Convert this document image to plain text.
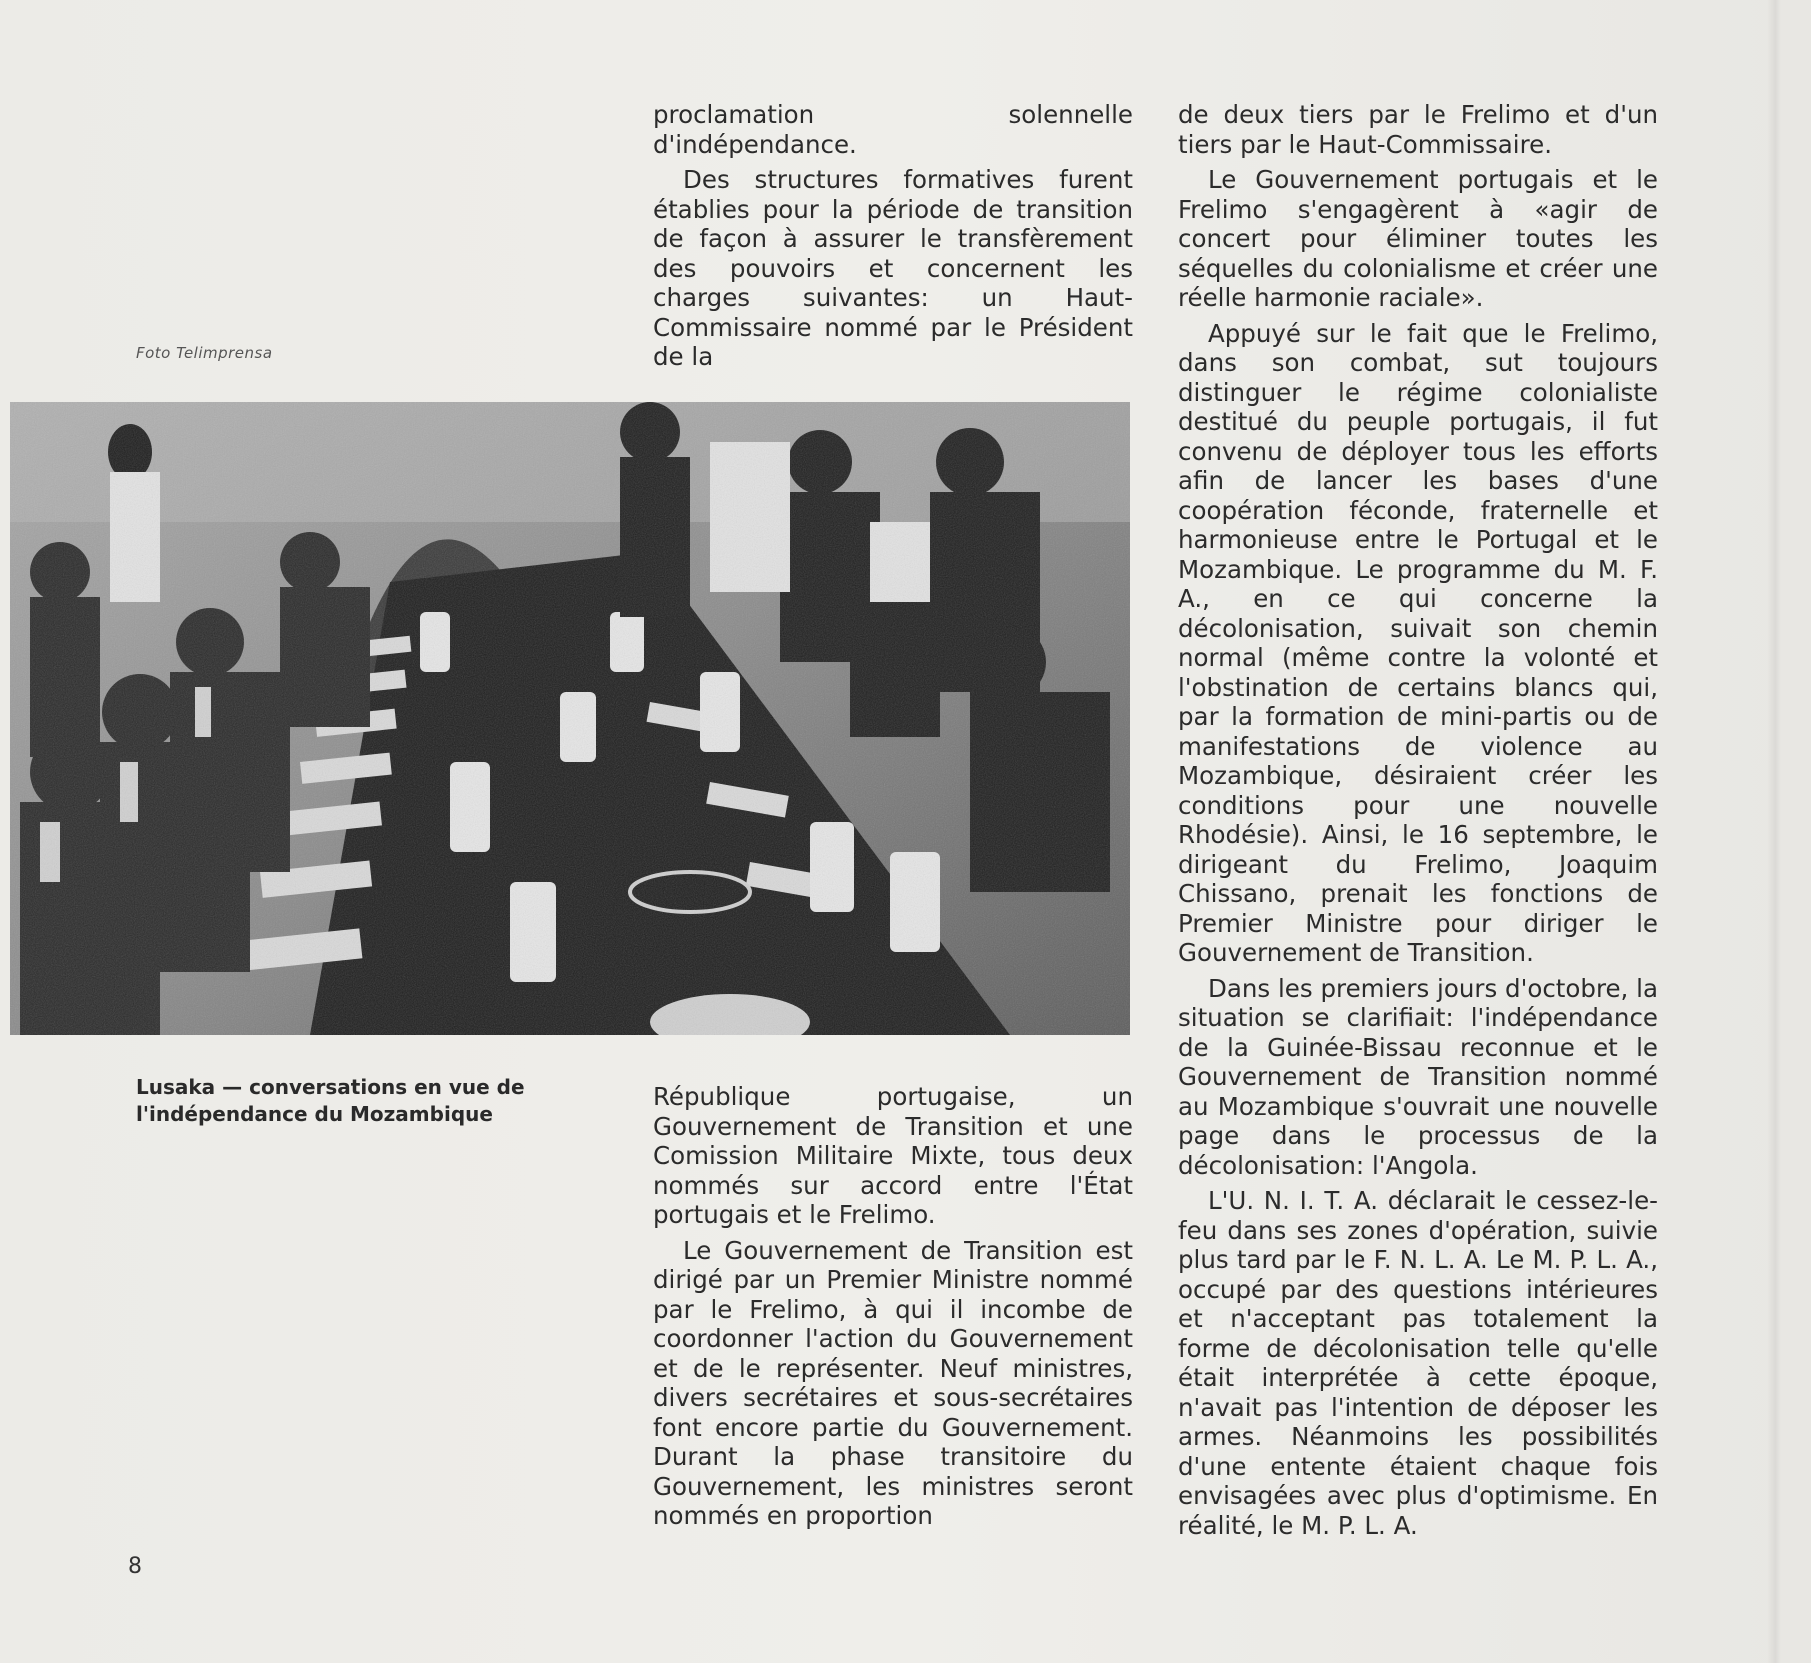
Foto Telimprensa
Lusaka — conversations en vue de
l'indépendance du Mozambique

proclamation solennelle d'indépendance.

Des structures formatives furent établies pour la période de transition de façon à assurer le transfèrement des pouvoirs et concernent les charges suivantes: un Haut-Commissaire nommé par le Président de la

République portugaise, un Gouvernement de Transition et une Comission Militaire Mixte, tous deux nommés sur accord entre l'État portugais et le Frelimo.

Le Gouvernement de Transition est dirigé par un Premier Ministre nommé par le Frelimo, à qui il incombe de coordonner l'action du Gouvernement et de le représenter. Neuf ministres, divers secrétaires et sous-secrétaires font encore partie du Gouvernement. Durant la phase transitoire du Gouvernement, les ministres seront nommés en proportion

de deux tiers par le Frelimo et d'un tiers par le Haut-Commissaire.

Le Gouvernement portugais et le Frelimo s'engagèrent à «agir de concert pour éliminer toutes les séquelles du colonialisme et créer une réelle harmonie raciale».

Appuyé sur le fait que le Frelimo, dans son combat, sut toujours distinguer le régime colonialiste destitué du peuple portugais, il fut convenu de déployer tous les efforts afin de lancer les bases d'une coopération féconde, fraternelle et harmonieuse entre le Portugal et le Mozambique. Le programme du M. F. A., en ce qui concerne la décolonisation, suivait son chemin normal (même contre la volonté et l'obstination de certains blancs qui, par la formation de mini-partis ou de manifestations de violence au Mozambique, désiraient créer les conditions pour une nouvelle Rhodésie). Ainsi, le 16 septembre, le dirigeant du Frelimo, Joaquim Chissano, prenait les fonctions de Premier Ministre pour diriger le Gouvernement de Transition.

Dans les premiers jours d'octobre, la situation se clarifiait: l'indépendance de la Guinée-Bissau reconnue et le Gouvernement de Transition nommé au Mozambique s'ouvrait une nouvelle page dans le processus de la décolonisation: l'Angola.

L'U. N. I. T. A. déclarait le cessez-le-feu dans ses zones d'opération, suivie plus tard par le F. N. L. A. Le M. P. L. A., occupé par des questions intérieures et n'acceptant pas totalement la forme de décolonisation telle qu'elle était interprétée à cette époque, n'avait pas l'intention de déposer les armes. Néanmoins les possibilités d'une entente étaient chaque fois envisagées avec plus d'optimisme. En réalité, le M. P. L. A.

8
